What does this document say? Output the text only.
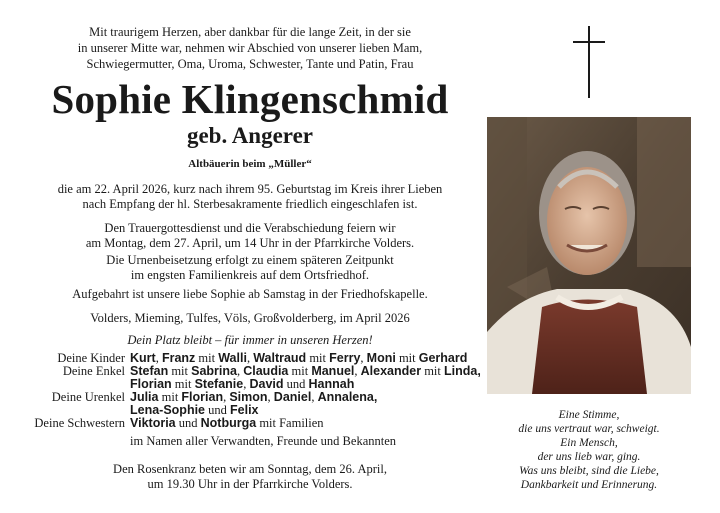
Mit traurigem Herzen, aber dankbar für die lange Zeit, in der sie
in unserer Mitte war, nehmen wir Abschied von unserer lieben Mam,
Schwiegermutter, Oma, Uroma, Schwester, Tante und Patin, Frau
Sophie Klingenschmid
geb. Angerer
Altbäuerin beim „Müller“
die am 22. April 2026, kurz nach ihrem 95. Geburtstag im Kreis ihrer Lieben
nach Empfang der hl. Sterbesakramente friedlich eingeschlafen ist.
Den Trauergottesdienst und die Verabschiedung feiern wir
am Montag, dem 27. April, um 14 Uhr in der Pfarrkirche Volders.
Die Urnenbeisetzung erfolgt zu einem späteren Zeitpunkt
im engsten Familienkreis auf dem Ortsfriedhof.
Aufgebahrt ist unsere liebe Sophie ab Samstag in der Friedhofskapelle.
Volders, Mieming, Tulfes, Völs, Großvolderberg, im April 2026
Dein Platz bleibt – für immer in unseren Herzen!
Deine Kinder Kurt, Franz mit Walli, Waltraud mit Ferry, Moni mit Gerhard
Deine Enkel Stefan mit Sabrina, Claudia mit Manuel, Alexander mit Linda,
Florian mit Stefanie, David und Hannah
Deine Urenkel Julia mit Florian, Simon, Daniel, Annalena,
Lena-Sophie und Felix
Deine Schwestern Viktoria und Notburga mit Familien
im Namen aller Verwandten, Freunde und Bekannten
Den Rosenkranz beten wir am Sonntag, dem 26. April,
um 19.30 Uhr in der Pfarrkirche Volders.
Eine Stimme,
die uns vertraut war, schweigt.
Ein Mensch,
der uns lieb war, ging.
Was uns bleibt, sind die Liebe,
Dankbarkeit und Erinnerung.
